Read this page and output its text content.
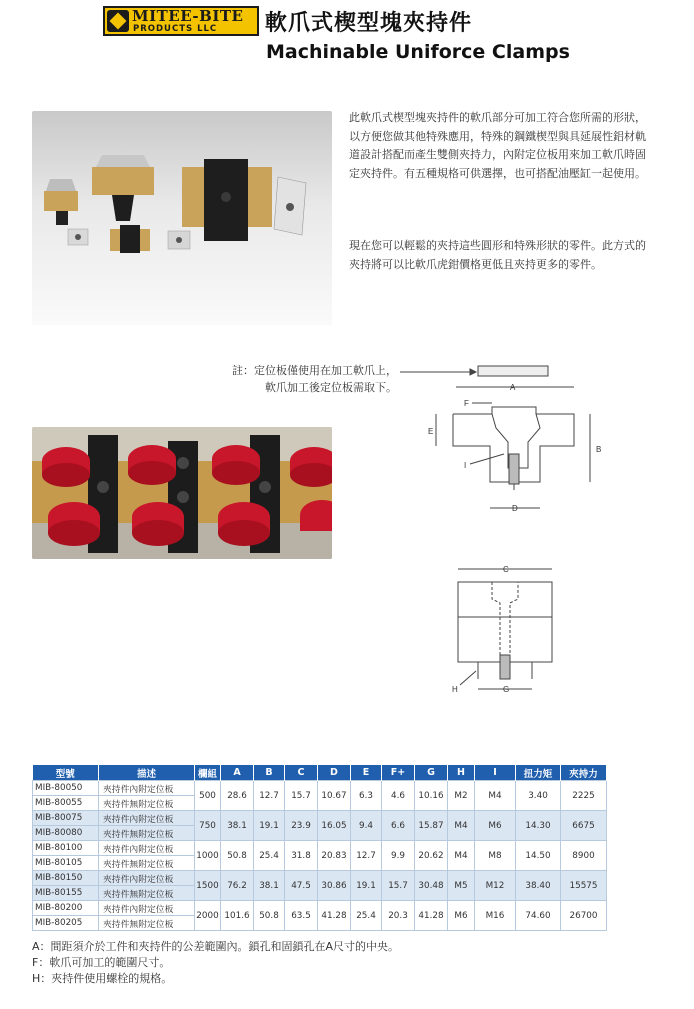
MITEE-BITE
PRODUCTS LLC 軟爪式楔型塊夾持件
Machinable Uniforce Clamps
此軟爪式楔型塊夾持件的軟爪部分可加工符合您所需的形狀，以方便您做其他特殊應用，特殊的鋼鐵楔型與具延展性鋁材軌道設計搭配而產生雙側夾持力，內附定位板用來加工軟爪時固定夾持件。有五種規格可供選擇，也可搭配油壓缸一起使用。
現在您可以輕鬆的夾持這些圓形和特殊形狀的零件。此方式的夾持將可以比軟爪虎鉗價格更低且夾持更多的零件。
註：定位板僅使用在加工軟爪上，
軟爪加工後定位板需取下。	A
F
E
B
I
D
C
G
H
型號	描述	欄組	A	B	C	D	E	F+	G	H	I	扭力矩	夾持力
MIB-80050	夾持件內附定位板	500	28.6	12.7	15.7	10.67	6.3	4.6	10.16	M2	M4	3.40	2225
MIB-80055	夾持件無附定位板												
MIB-80075	夾持件內附定位板	750	38.1	19.1	23.9	16.05	9.4	6.6	15.87	M4	M6	14.30	6675
MIB-80080	夾持件無附定位板												
MIB-80100	夾持件內附定位板	1000	50.8	25.4	31.8	20.83	12.7	9.9	20.62	M4	M8	14.50	8900
MIB-80105	夾持件無附定位板												
MIB-80150	夾持件內附定位板	1500	76.2	38.1	47.5	30.86	19.1	15.7	30.48	M5	M12	38.40	15575
MIB-80155	夾持件無附定位板												
MIB-80200	夾持件內附定位板	2000	101.6	50.8	63.5	41.28	25.4	20.3	41.28	M6	M16	74.60	26700
MIB-80205	夾持件無附定位板												
A：間距須介於工件和夾持件的公差範圍內。鎖孔和固鎖孔在A尺寸的中央。
F：軟爪可加工的範圍尺寸。
H：夾持件使用螺栓的規格。
